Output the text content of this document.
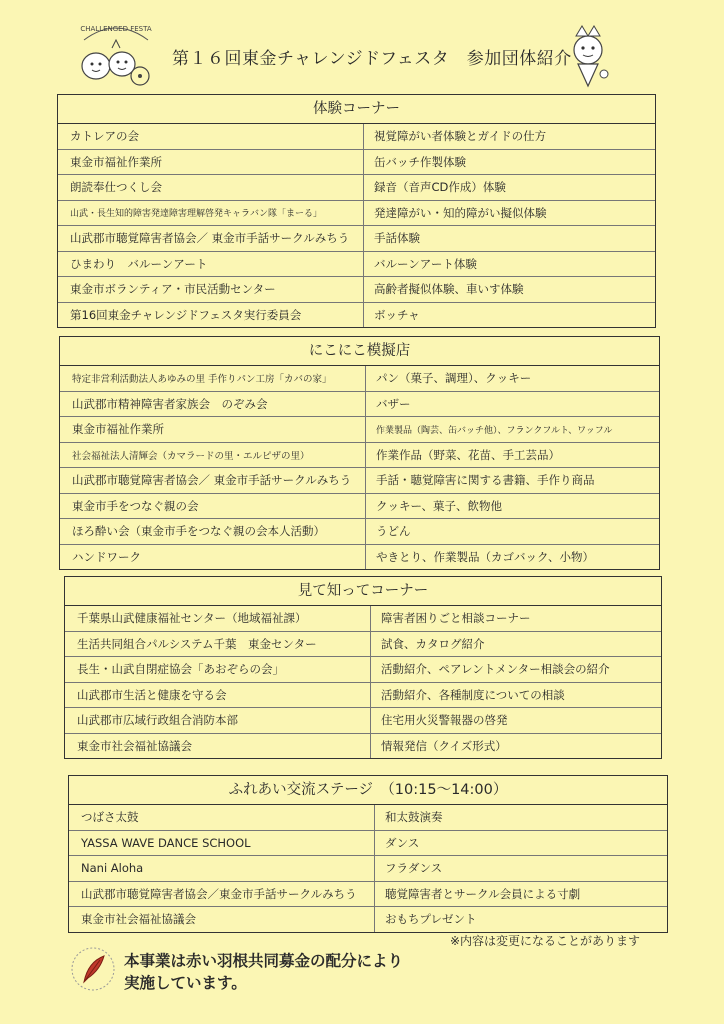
CHALLENGED FESTA
第１６回東金チャレンジドフェスタ　参加団体紹介
体験コーナー
カトレアの会	視覚障がい者体験とガイドの仕方
東金市福祉作業所	缶バッチ作製体験
朗読奉仕つくし会	録音（音声CD作成）体験
山武・長生知的障害発達障害理解啓発キャラバン隊「まーる」	発達障がい・知的障がい擬似体験
山武郡市聴覚障害者協会／ 東金市手話サークルみちう	手話体験
ひまわり　バルーンアート	バルーンアート体験
東金市ボランティア・市民活動センター	高齢者擬似体験、車いす体験
第16回東金チャレンジドフェスタ実行委員会	ボッチャ
にこにこ模擬店
特定非営利活動法人あゆみの里 手作りパン工房「カバの家」	パン（菓子、調理）、クッキー
山武郡市精神障害者家族会　のぞみ会	バザー
東金市福祉作業所	作業製品（陶芸、缶バッチ他）、フランクフルト、ワッフル
社会福祉法人清輝会（カマラードの里・エルピザの里）	作業作品（野菜、花苗、手工芸品）
山武郡市聴覚障害者協会／ 東金市手話サークルみちう	手話・聴覚障害に関する書籍、手作り商品
東金市手をつなぐ親の会	クッキー、菓子、飲物他
ほろ酔い会（東金市手をつなぐ親の会本人活動）	うどん
ハンドワーク	やきとり、作業製品（カゴバック、小物）
見て知ってコーナー
千葉県山武健康福祉センター（地域福祉課）	障害者困りごと相談コーナー
生活共同組合パルシステム千葉　東金センター	試食、カタログ紹介
長生・山武自閉症協会「あおぞらの会」	活動紹介、ペアレントメンター相談会の紹介
山武郡市生活と健康を守る会	活動紹介、各種制度についての相談
山武郡市広域行政組合消防本部	住宅用火災警報器の啓発
東金市社会福祉協議会	情報発信（クイズ形式）
ふれあい交流ステージ　（10:15～14:00）
つばさ太鼓	和太鼓演奏
YASSA WAVE DANCE SCHOOL	ダンス
Nani Aloha	フラダンス
山武郡市聴覚障害者協会／東金市手話サークルみちう	聴覚障害者とサークル会員による寸劇
東金市社会福祉協議会	おもちプレゼント
※内容は変更になることがあります
本事業は赤い羽根共同募金の配分により
実施しています。
